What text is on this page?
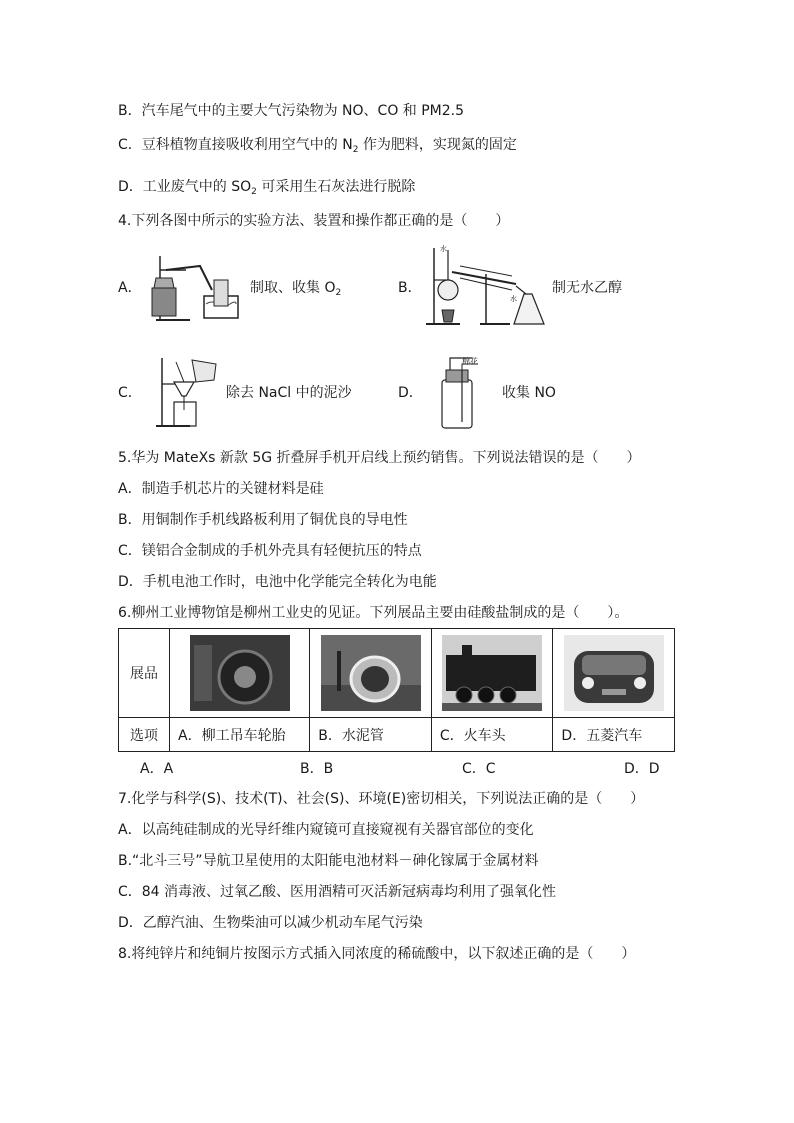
B．汽车尾气中的主要大气污染物为 NO、CO 和 PM2.5
C．豆科植物直接吸收利用空气中的 $N_2$ 作为肥料，实现氮的固定
D．工业废气中的 $SO_2$ 可采用生石灰法进行脱除
4.下列各图中所示的实验方法、装置和操作都正确的是（　　）
A．	制取、收集 $O_2$	B．
水
水
制无水乙醇
C．	除去 NaCl 中的泥沙	D．
棉花
收集 NO
5.华为 MateXs 新款 5G 折叠屏手机开启线上预约销售。下列说法错误的是（　　）
A．制造手机芯片的关键材料是硅
B．用铜制作手机线路板利用了铜优良的导电性
C．镁铝合金制成的手机外壳具有轻便抗压的特点
D．手机电池工作时，电池中化学能完全转化为电能
6.柳州工业博物馆是柳州工业史的见证。下列展品主要由硅酸盐制成的是（　　）。
展品				
选项	A．柳工吊车轮胎	B．水泥管	C．火车头	D．五菱汽车
A．A	B．B	C．C	D．D
7.化学与科学(S)、技术(T)、社会(S)、环境(E)密切相关，下列说法正确的是（　　）
A．以高纯硅制成的光导纤维内窥镜可直接窥视有关器官部位的变化
B.“北斗三号”导航卫星使用的太阳能电池材料－砷化镓属于金属材料
C．84 消毒液、过氧乙酸、医用酒精可灭活新冠病毒均利用了强氧化性
D．乙醇汽油、生物柴油可以减少机动车尾气污染
8.将纯锌片和纯铜片按图示方式插入同浓度的稀硫酸中，以下叙述正确的是（　　）
